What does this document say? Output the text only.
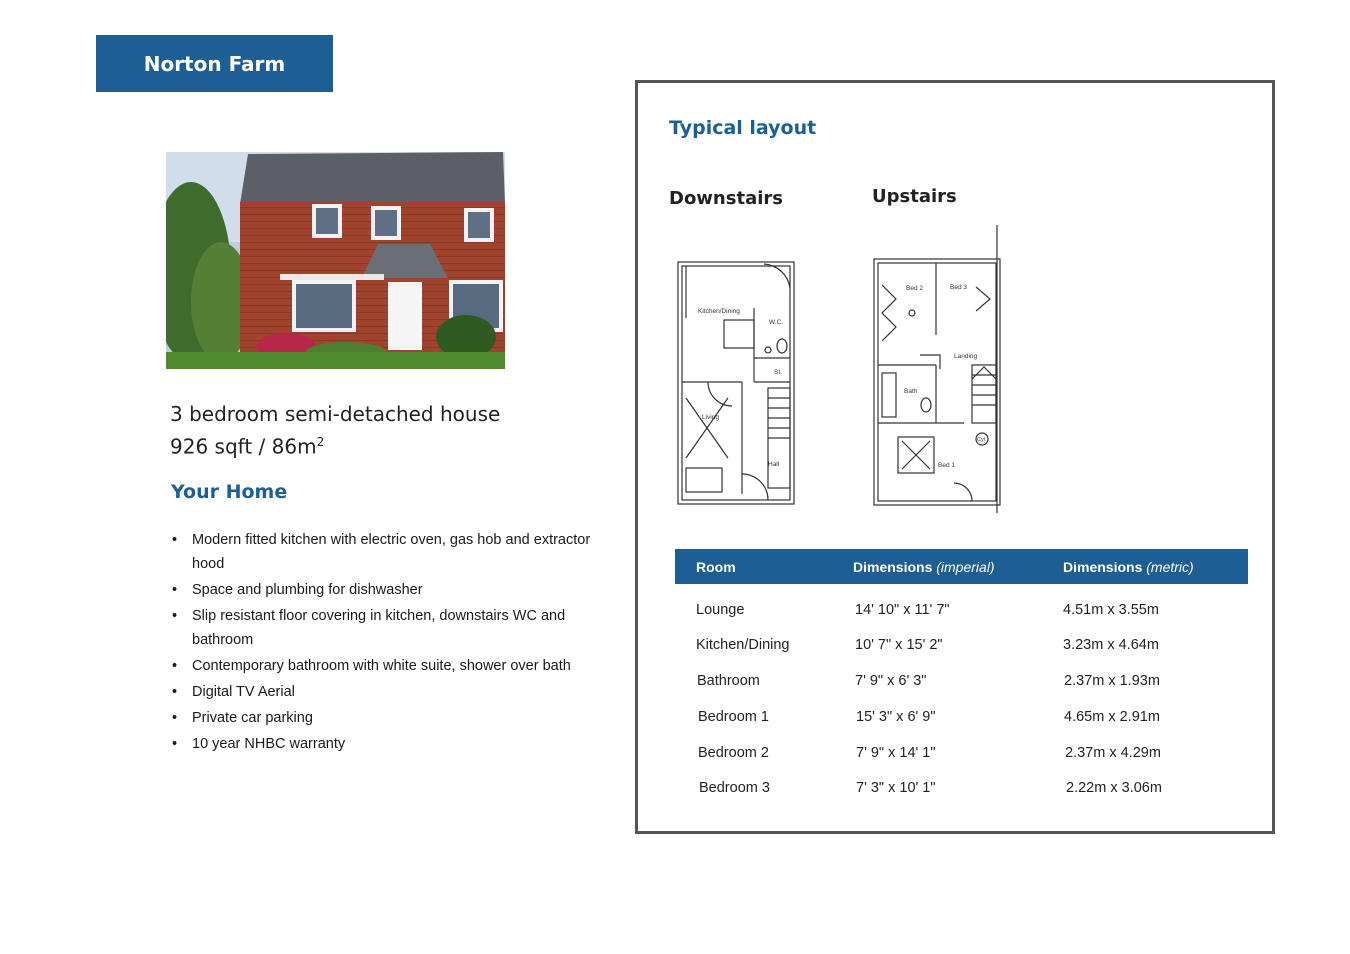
Norton Farm
3 bedroom semi-detached house
926 sqft / $86m^2$
Your Home
• Modern fitted kitchen with electric oven, gas hob and extractor hood
• Space and plumbing for dishwasher
• Slip resistant floor covering in kitchen, downstairs WC and bathroom
• Contemporary bathroom with white suite, shower over bath
• Digital TV Aerial
• Private car parking
• 10 year NHBC warranty
Typical layout
Downstairs	Upstairs
Kitchen/Dining
W.C.
St.
Living
Hall
Bed 2	Bed 3
Landing
Bath
Bed 1
Cyl
Room	Dimensions (imperial)	Dimensions (metric)
Lounge	14' 10" x 11' 7"	4.51m x 3.55m
Kitchen/Dining	10' 7" x 15' 2"	3.23m x 4.64m
Bathroom	7' 9" x 6' 3"	2.37m x 1.93m
Bedroom 1	15' 3" x 6' 9"	4.65m x 2.91m
Bedroom 2	7' 9" x 14' 1"	2.37m x 4.29m
Bedroom 3	7' 3" x 10' 1"	2.22m x 3.06m
